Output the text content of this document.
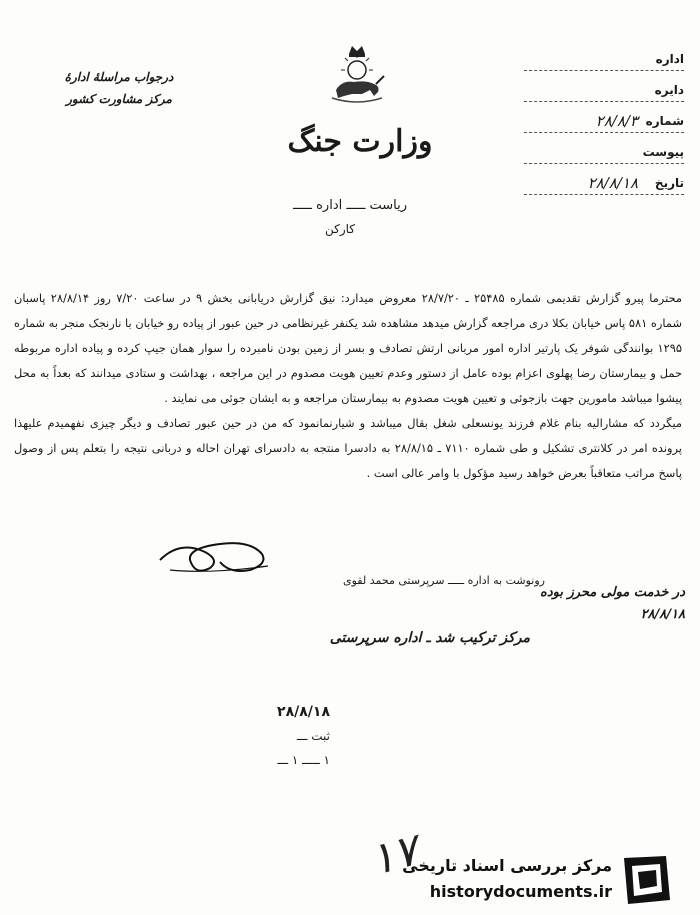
وزارت جنگ
درجواب مراسلهٔ ادارهٔ
مرکز مشاورت کشور
اداره
دایره
شماره
۲۸/۸/۳
پیوست
تاریخ
۲۸/۸/۱۸
ریاست ـــــ اداره ـــــ
کارکن

محترما پیرو گزارش تقدیمی شماره ۲۵۴۸۵ ـ ۲۸/۷/۲۰ معروض میدارد: نیق گزارش دریابانی بخش ۹ در ساعت ۷/۲۰ روز ۲۸/۸/۱۴ پاسبان شماره ۵۸۱ پاس خیابان بکلا دری مراجعه گزارش میدهد مشاهده شد یکنفر غیرنظامی در حین عبور از پیاده رو خیابان با نارنجک منجر به شماره ۱۲۹۵ بوانندگی شوفر یک پارتیر اداره امور مربانی ارتش تصادف و بسر از زمین بودن نامبرده را سوار همان جیپ کرده و پیاده اداره مربوطه حمل و بیمارستان رضا پهلوی اعزام بوده عامل از دستور وعدم تعیین هویت مصدوم در این مراجعه ، بهداشت و ستادی میدانند که بعداً به محل پیشوا میباشد مامورین جهت بازجوئی و تعیین هویت مصدوم به بیمارستان مراجعه و به ایشان جوئی می نمایند .

میگردد که مشارالیه بنام غلام فرزند یونسعلی شغل بقال میباشد و شیارنمانمود که من در حین عبور تصادف و دیگر چیزی نفهمیدم علیهذا پرونده امر در کلانتری تشکیل و طی شماره ۷۱۱۰ ـ ۲۸/۸/۱۵ به دادسرا منتجه به دادسرای تهران احاله و دربانی نتیجه را بتعلم پس از وصول پاسخ مراتب متعاقباً بعرض خواهد رسید مؤکول با وامر عالی است .

رونوشت به اداره ـــــ سرپرستی محمد لقوی
در خدمت مولی محرز بوده
۲۸/۸/۱۸
مرکز ترکیب شد ـ اداره سرپرستی
۲۸/۸/۱۸
ثبت ـــ
۱ ـــــ ۱ ـــ
۱۷
مرکز بررسی اسناد تاریخی
historydocuments.ir
